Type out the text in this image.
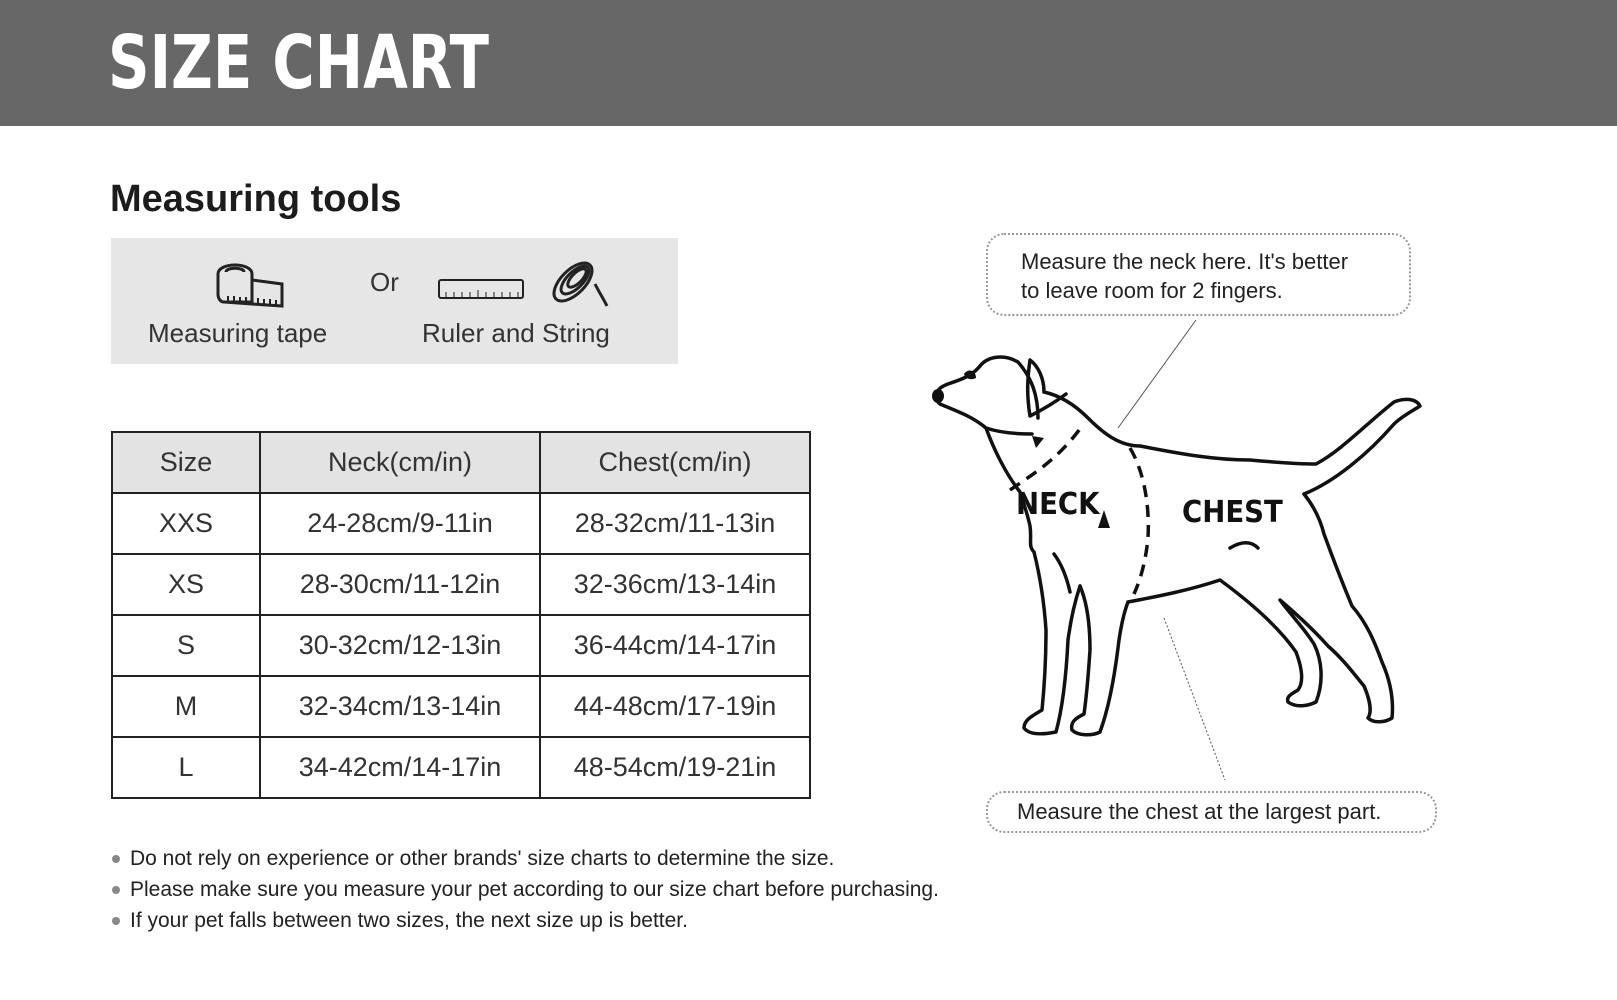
SIZE CHART
Measuring tools
Measuring tape
Or
Ruler and String
Size	Neck(cm/in)	Chest(cm/in)
XXS	24-28cm/9-11in	28-32cm/11-13in
XS	28-30cm/11-12in	32-36cm/13-14in
S	30-32cm/12-13in	36-44cm/14-17in
M	32-34cm/13-14in	44-48cm/17-19in
L	34-42cm/14-17in	48-54cm/19-21in
Do not rely on experience or other brands' size charts to determine the size.
Please make sure you measure your pet according to our size chart before purchasing.
If your pet falls between two sizes, the next size up is better.
Measure the neck here. It's better
to leave room for 2 fingers.
Measure the chest at the largest part.
NECK	CHEST
